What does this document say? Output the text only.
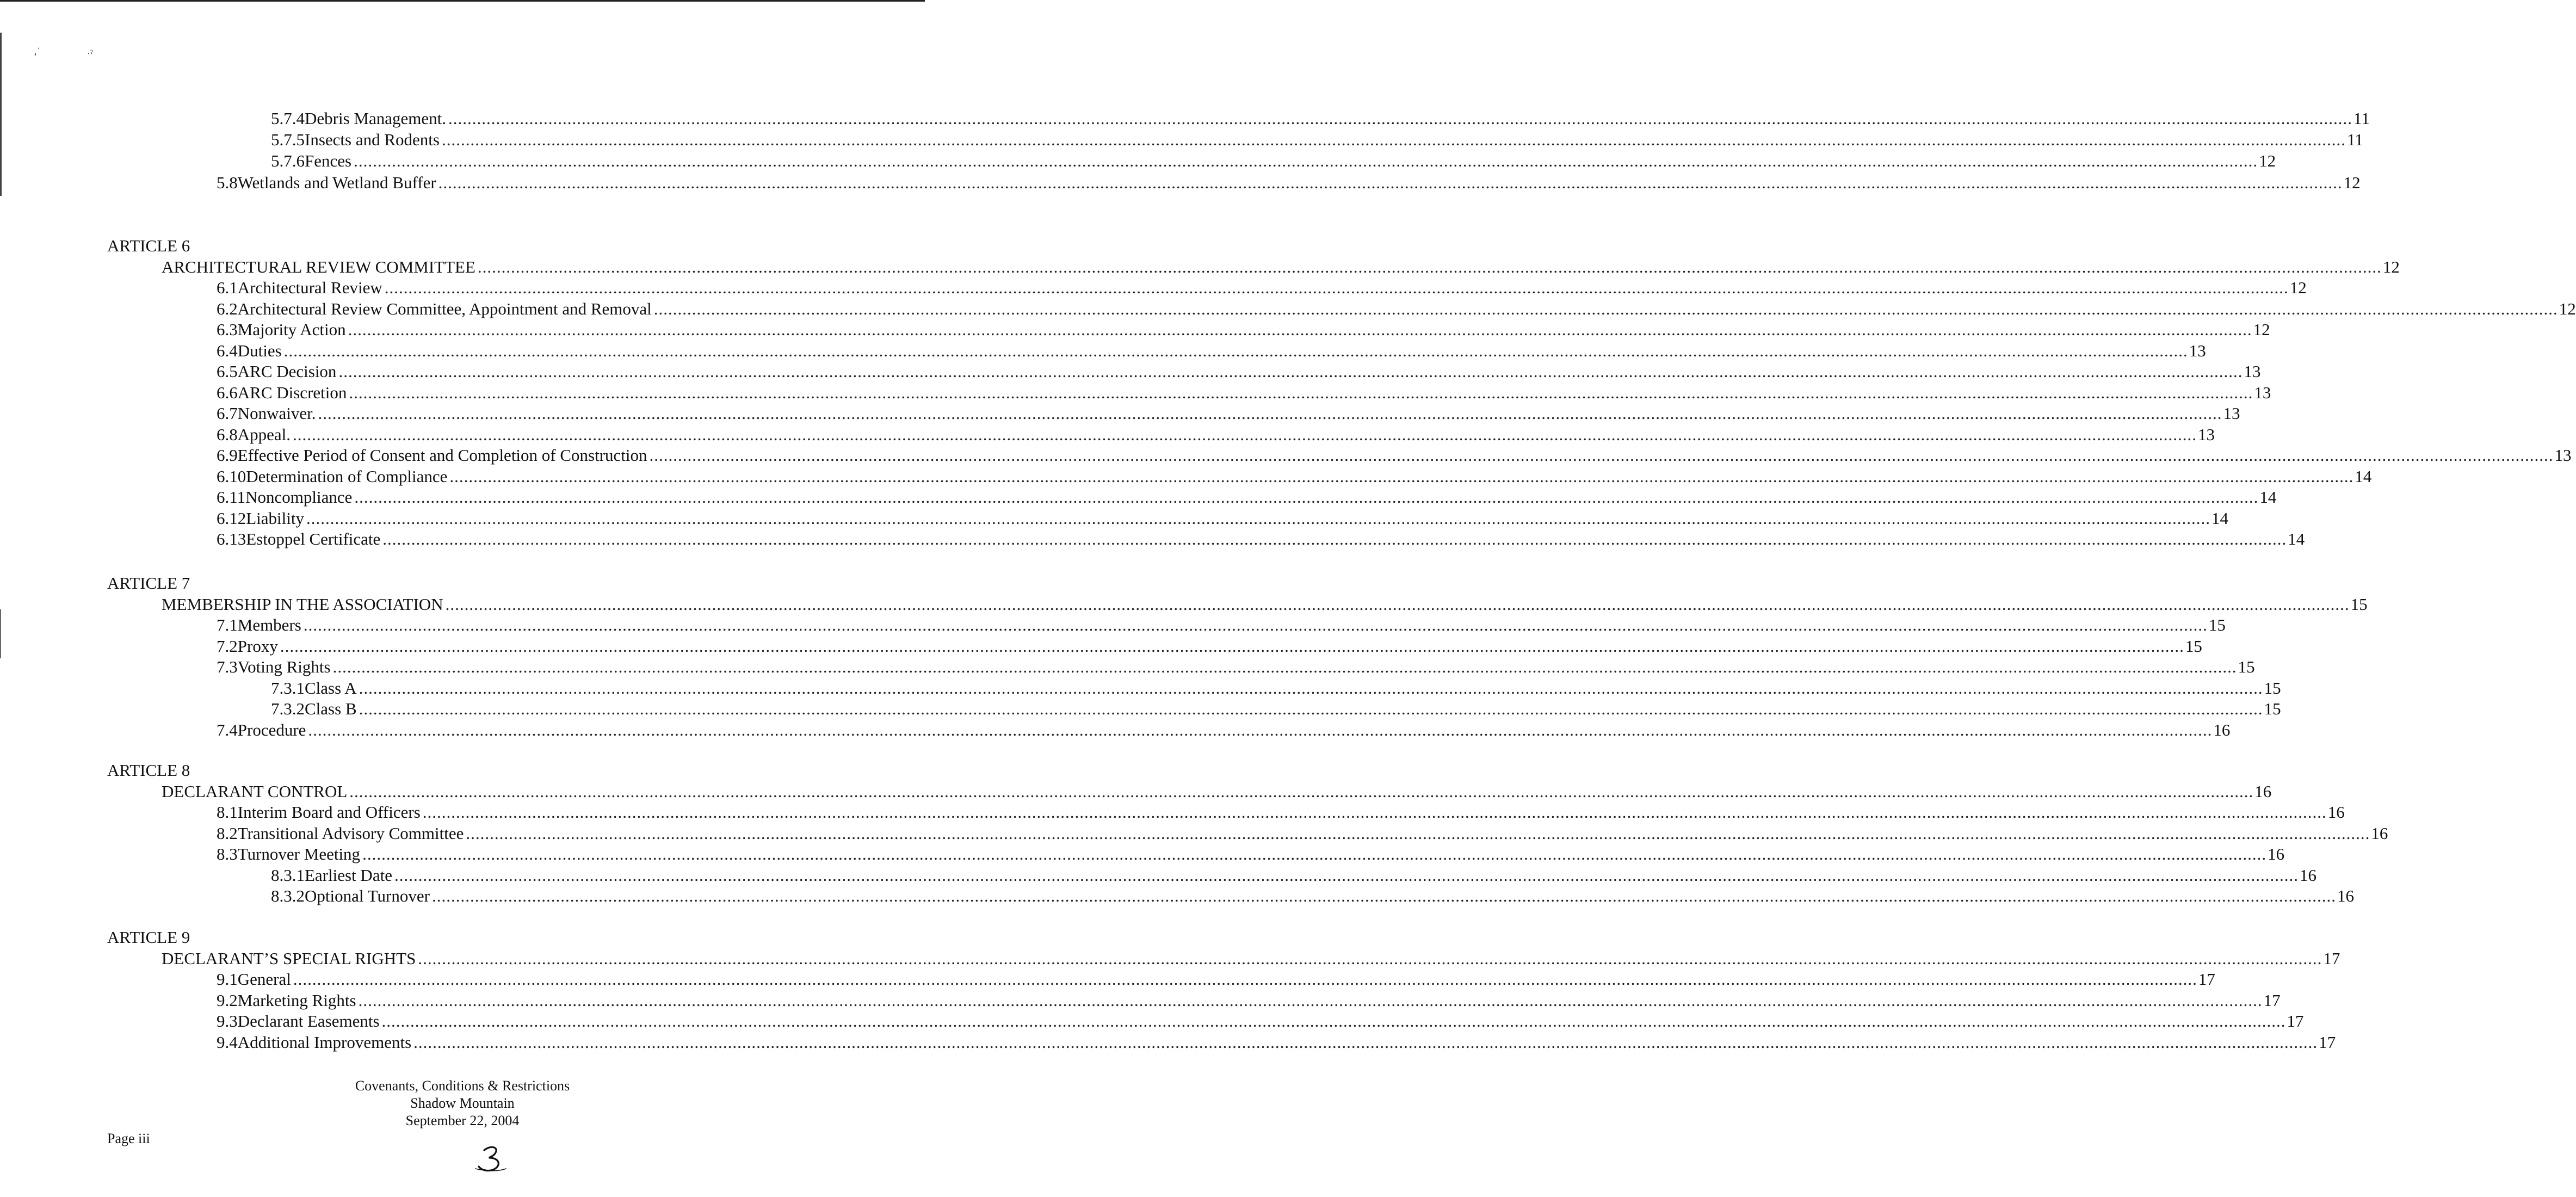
‚ˈ	·ˀ
5.7.4 Debris Management. ................................................................................................................................................................................................................................................................................................................................................................................................................ 11
5.7.5 Insects and Rodents ................................................................................................................................................................................................................................................................................................................................................................................................................ 11
5.7.6 Fences ................................................................................................................................................................................................................................................................................................................................................................................................................ 12
5.8 Wetlands and Wetland Buffer ................................................................................................................................................................................................................................................................................................................................................................................................................ 12
ARTICLE 6
ARCHITECTURAL REVIEW COMMITTEE ................................................................................................................................................................................................................................................................................................................................................................................................................ 12
6.1 Architectural Review ................................................................................................................................................................................................................................................................................................................................................................................................................ 12
6.2 Architectural Review Committee, Appointment and Removal ................................................................................................................................................................................................................................................................................................................................................................................................................ 12
6.3 Majority Action ................................................................................................................................................................................................................................................................................................................................................................................................................ 12
6.4 Duties ................................................................................................................................................................................................................................................................................................................................................................................................................ 13
6.5 ARC Decision ................................................................................................................................................................................................................................................................................................................................................................................................................ 13
6.6 ARC Discretion ................................................................................................................................................................................................................................................................................................................................................................................................................ 13
6.7 Nonwaiver. ................................................................................................................................................................................................................................................................................................................................................................................................................ 13
6.8 Appeal. ................................................................................................................................................................................................................................................................................................................................................................................................................ 13
6.9 Effective Period of Consent and Completion of Construction ................................................................................................................................................................................................................................................................................................................................................................................................................ 13
6.10 Determination of Compliance ................................................................................................................................................................................................................................................................................................................................................................................................................ 14
6.11 Noncompliance ................................................................................................................................................................................................................................................................................................................................................................................................................ 14
6.12 Liability ................................................................................................................................................................................................................................................................................................................................................................................................................ 14
6.13 Estoppel Certificate ................................................................................................................................................................................................................................................................................................................................................................................................................ 14
ARTICLE 7
MEMBERSHIP IN THE ASSOCIATION ................................................................................................................................................................................................................................................................................................................................................................................................................ 15
7.1 Members ................................................................................................................................................................................................................................................................................................................................................................................................................ 15
7.2 Proxy ................................................................................................................................................................................................................................................................................................................................................................................................................ 15
7.3 Voting Rights ................................................................................................................................................................................................................................................................................................................................................................................................................ 15
7.3.1 Class A ................................................................................................................................................................................................................................................................................................................................................................................................................ 15
7.3.2 Class B ................................................................................................................................................................................................................................................................................................................................................................................................................ 15
7.4 Procedure ................................................................................................................................................................................................................................................................................................................................................................................................................ 16
ARTICLE 8
DECLARANT CONTROL ................................................................................................................................................................................................................................................................................................................................................................................................................ 16
8.1 Interim Board and Officers ................................................................................................................................................................................................................................................................................................................................................................................................................ 16
8.2 Transitional Advisory Committee ................................................................................................................................................................................................................................................................................................................................................................................................................ 16
8.3 Turnover Meeting ................................................................................................................................................................................................................................................................................................................................................................................................................ 16
8.3.1 Earliest Date ................................................................................................................................................................................................................................................................................................................................................................................................................ 16
8.3.2 Optional Turnover ................................................................................................................................................................................................................................................................................................................................................................................................................ 16
ARTICLE 9
DECLARANT’S SPECIAL RIGHTS ................................................................................................................................................................................................................................................................................................................................................................................................................ 17
9.1 General ................................................................................................................................................................................................................................................................................................................................................................................................................ 17
9.2 Marketing Rights ................................................................................................................................................................................................................................................................................................................................................................................................................ 17
9.3 Declarant Easements ................................................................................................................................................................................................................................................................................................................................................................................................................ 17
9.4 Additional Improvements ................................................................................................................................................................................................................................................................................................................................................................................................................ 17
Covenants, Conditions & Restrictions
Shadow Mountain
September 22, 2004
Page iii
